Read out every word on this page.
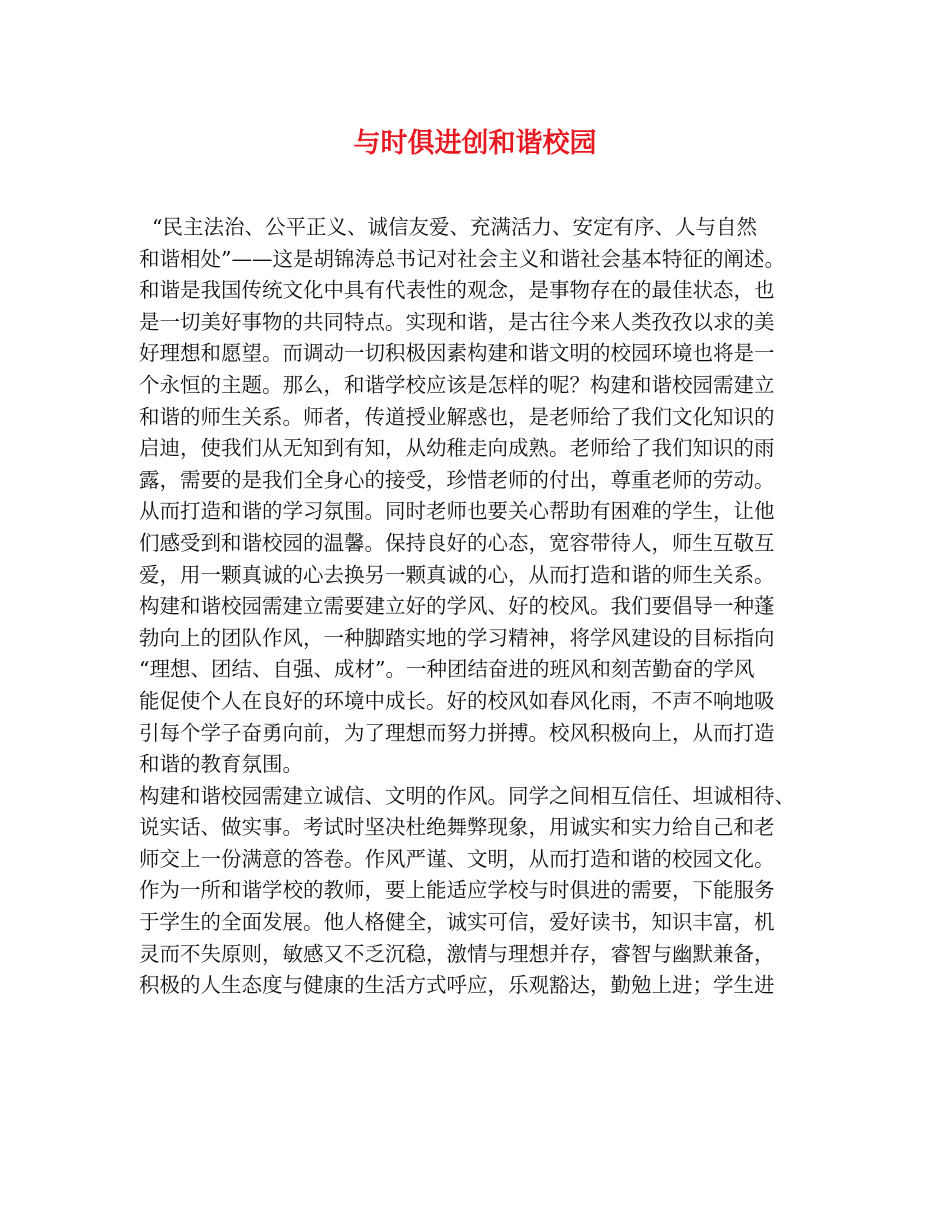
与时俱进创和谐校园
“民主法治、公平正义、诚信友爱、充满活力、安定有序、人与自然
和谐相处”——这是胡锦涛总书记对社会主义和谐社会基本特征的阐述。
和谐是我国传统文化中具有代表性的观念，是事物存在的最佳状态，也
是一切美好事物的共同特点。实现和谐，是古往今来人类孜孜以求的美
好理想和愿望。而调动一切积极因素构建和谐文明的校园环境也将是一
个永恒的主题。那么，和谐学校应该是怎样的呢？构建和谐校园需建立
和谐的师生关系。师者，传道授业解惑也，是老师给了我们文化知识的
启迪，使我们从无知到有知，从幼稚走向成熟。老师给了我们知识的雨
露，需要的是我们全身心的接受，珍惜老师的付出，尊重老师的劳动。
从而打造和谐的学习氛围。同时老师也要关心帮助有困难的学生，让他
们感受到和谐校园的温馨。保持良好的心态，宽容带待人，师生互敬互
爱，用一颗真诚的心去换另一颗真诚的心，从而打造和谐的师生关系。
构建和谐校园需建立需要建立好的学风、好的校风。我们要倡导一种蓬
勃向上的团队作风，一种脚踏实地的学习精神，将学风建设的目标指向
“理想、团结、自强、成材”。一种团结奋进的班风和刻苦勤奋的学风
能促使个人在良好的环境中成长。好的校风如春风化雨，不声不响地吸
引每个学子奋勇向前，为了理想而努力拼搏。校风积极向上，从而打造
和谐的教育氛围。
构建和谐校园需建立诚信、文明的作风。同学之间相互信任、坦诚相待、
说实话、做实事。考试时坚决杜绝舞弊现象，用诚实和实力给自己和老
师交上一份满意的答卷。作风严谨、文明，从而打造和谐的校园文化。
作为一所和谐学校的教师，要上能适应学校与时俱进的需要，下能服务
于学生的全面发展。他人格健全，诚实可信，爱好读书，知识丰富，机
灵而不失原则，敏感又不乏沉稳，激情与理想并存，睿智与幽默兼备，
积极的人生态度与健康的生活方式呼应，乐观豁达，勤勉上进；学生进
